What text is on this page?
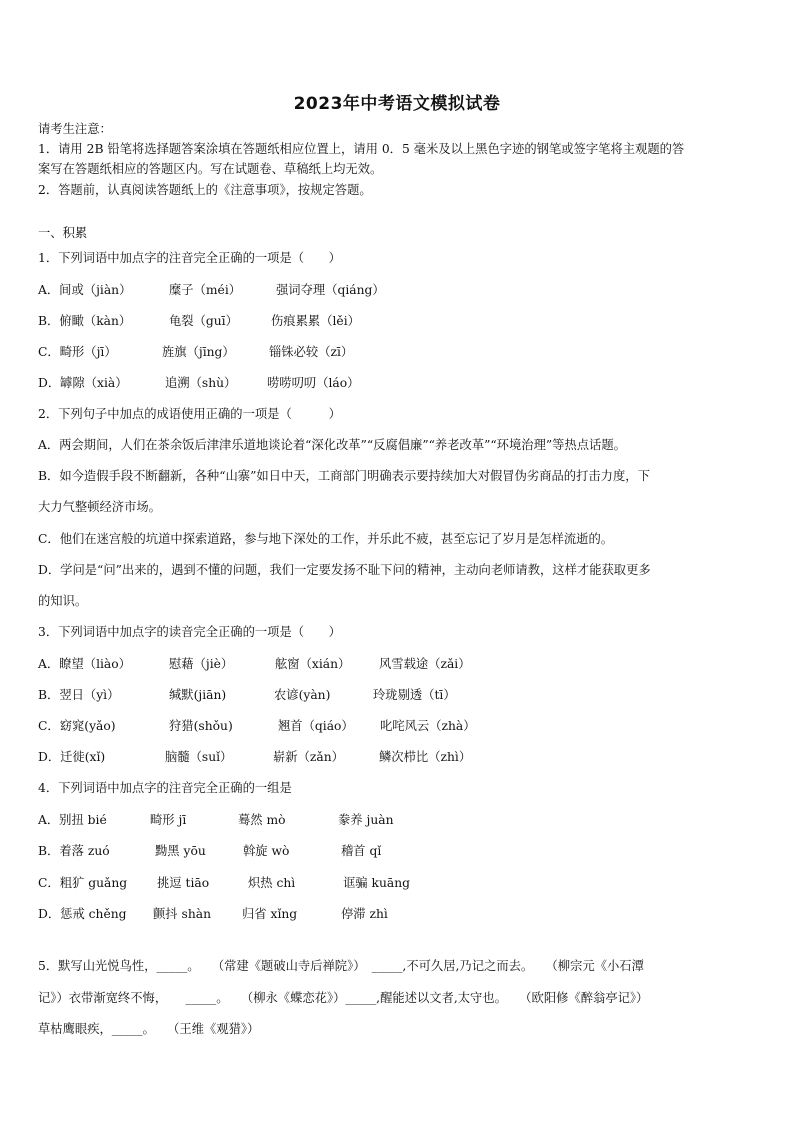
2023年中考语文模拟试卷
请考生注意：
1．请用 2B 铅笔将选择题答案涂填在答题纸相应位置上，请用 0．5 毫米及以上黑色字迹的钢笔或签字笔将主观题的答
案写在答题纸相应的答题区内。写在试题卷、草稿纸上均无效。
2．答题前，认真阅读答题纸上的《注意事项》，按规定答题。
一、积累
1．下列词语中加点字的注音完全正确的一项是（　　）
A．间或（jiàn）	糜子（méi）	强词夺理（qiáng）
B．俯瞰（kàn）	龟裂（guī）	伤痕累累（lěi）
C．畸形（jī）	旌旗（jīng）	锱铢必较（zī）
D．罅隙（xià）	追溯（shù） 唠唠叨叨（láo）
2．下列句子中加点的成语使用正确的一项是（　　　）
A．两会期间，人们在茶余饭后津津乐道地谈论着“深化改革”“反腐倡廉”“养老改革”“环境治理”等热点话题。
B．如今造假手段不断翻新，各种“山寨”如日中天，工商部门明确表示要持续加大对假冒伪劣商品的打击力度，下
大力气整顿经济市场。
C．他们在迷宫般的坑道中探索道路，参与地下深处的工作，并乐此不疲，甚至忘记了岁月是怎样流逝的。
D．学问是“问”出来的，遇到不懂的问题，我们一定要发扬不耻下问的精神，主动向老师请教，这样才能获取更多
的知识。
3．下列词语中加点字的读音完全正确的一项是（　　）
A．瞭望（liào）	慰藉（jiè）	舷窗（xián） 风雪载途（zǎi）
B．翌日（yì）	缄默(jiān)	农谚(yàn)	玲珑剔透（tī）
C．窈窕(yǎo)	狩猎(shǒu)	翘首（qiáo） 叱咤风云（zhà）
D．迁徙(xǐ)	脑髓（suǐ）	崭新（zǎn）	鳞次栉比（zhì）
4．下列词语中加点字的注音完全正确的一组是
A．别扭 bié	畸形 jī	蓦然 mò	豢养 juàn
B．着落 zuó	黝黑 yōu	斡旋 wò	稽首 qǐ
C．粗犷 guǎng 挑逗 tiāo	炽热 chì	诓骗 kuāng
D．惩戒 chěng 颤抖 shàn	归省 xǐng	停滞 zhì
5．默写山光悦鸟性，_____。　　（常建《题破山寺后禅院》）　_____,不可久居,乃记之而去。　　（柳宗元《小石潭
记》）衣带渐宽终不悔，　　_____。　　（柳永《蝶恋花》）_____,醒能述以文者,太守也。　　（欧阳修《醉翁亭记》）
草枯鹰眼疾，_____。　　（王维《观猎》）
